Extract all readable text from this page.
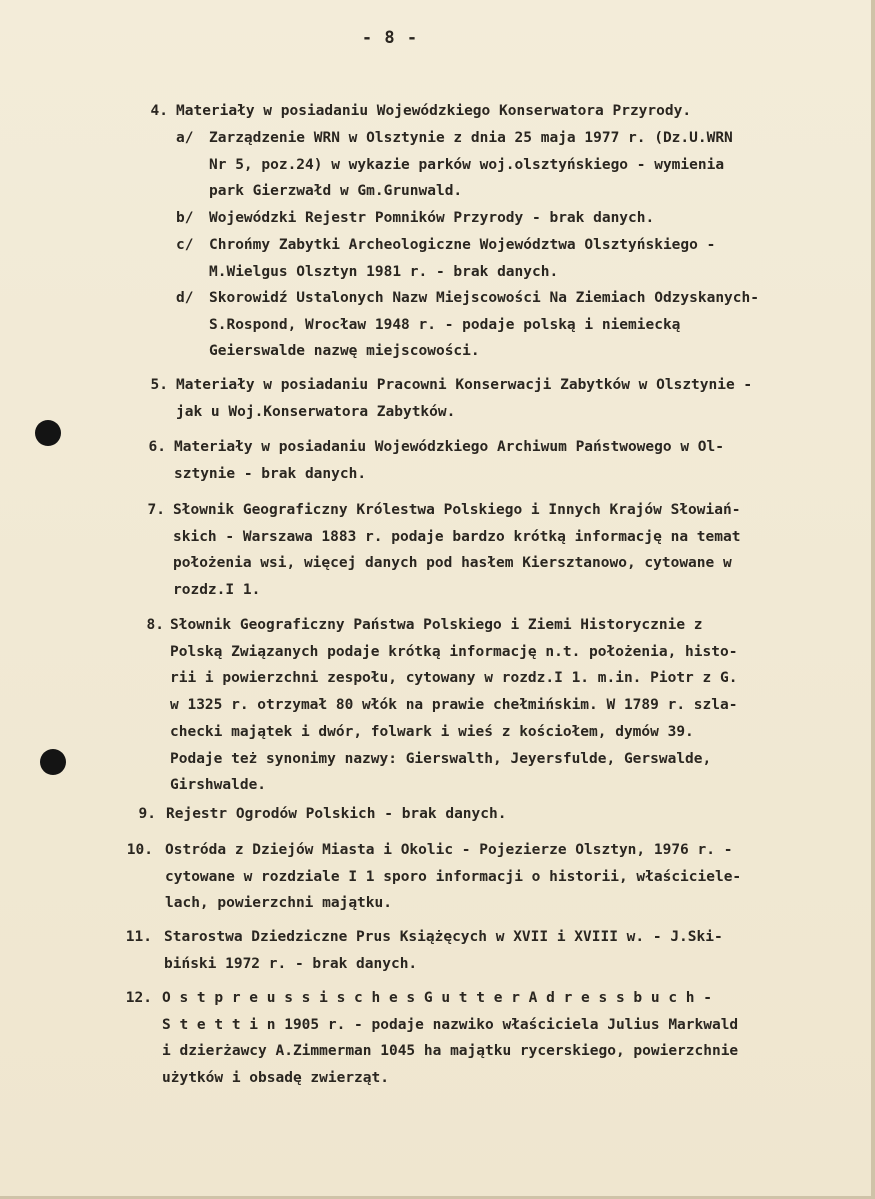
- 8 -
4. Materiały w posiadaniu Wojewódzkiego Konserwatora Przyrody.
a/	Zarządzenie WRN w Olsztynie z dnia 25 maja 1977 r. (Dz.U.WRN
Nr 5, poz.24) w wykazie parków woj.olsztyńskiego - wymienia
park Gierzwałd w Gm.Grunwald.
b/	Wojewódzki Rejestr Pomników Przyrody - brak danych.
c/	Chrońmy Zabytki Archeologiczne Województwa Olsztyńskiego -
M.Wielgus Olsztyn 1981 r. - brak danych.
d/	Skorowidź Ustalonych Nazw Miejscowości Na Ziemiach Odzyskanych-
S.Rospond, Wrocław 1948 r. - podaje polską i niemiecką
Geierswalde nazwę miejscowości.
5. Materiały w posiadaniu Pracowni Konserwacji Zabytków w Olsztynie -
jak u Woj.Konserwatora Zabytków.
6. Materiały w posiadaniu Wojewódzkiego Archiwum Państwowego w Ol-
sztynie - brak danych.
7. Słownik Geograficzny Królestwa Polskiego i Innych Krajów Słowiań-
skich - Warszawa 1883 r. podaje bardzo krótką informację na temat
położenia wsi, więcej danych pod hasłem Kiersztanowo, cytowane w
rozdz.I 1.
8. Słownik Geograficzny Państwa Polskiego i Ziemi Historycznie z
Polską Związanych podaje krótką informację n.t. położenia, histo-
rii i powierzchni zespołu, cytowany w rozdz.I 1. m.in. Piotr z G.
w 1325 r. otrzymał 80 włók na prawie chełmińskim. W 1789 r. szla-
checki majątek i dwór, folwark i wieś z kościołem, dymów 39.
Podaje też synonimy nazwy: Gierswalth, Jeyersfulde, Gerswalde,
Girshwalde.
9. Rejestr Ogrodów Polskich - brak danych.
10. Ostróda z Dziejów Miasta i Okolic - Pojezierze Olsztyn, 1976 r. -
cytowane w rozdziale I 1 sporo informacji o historii, właściciele-
lach, powierzchni majątku.
11. Starostwa Dziedziczne Prus Książęcych w XVII i XVIII w. - J.Ski-
biński 1972 r. - brak danych.
12. O s t p r e u s s i s c h e s G u t t e r A d r e s s b u c h -
S t e t t i n 1905 r. - podaje nazwiko właściciela Julius Markwald
i dzierżawcy A.Zimmerman 1045 ha majątku rycerskiego, powierzchnie
użytków i obsadę zwierząt.
